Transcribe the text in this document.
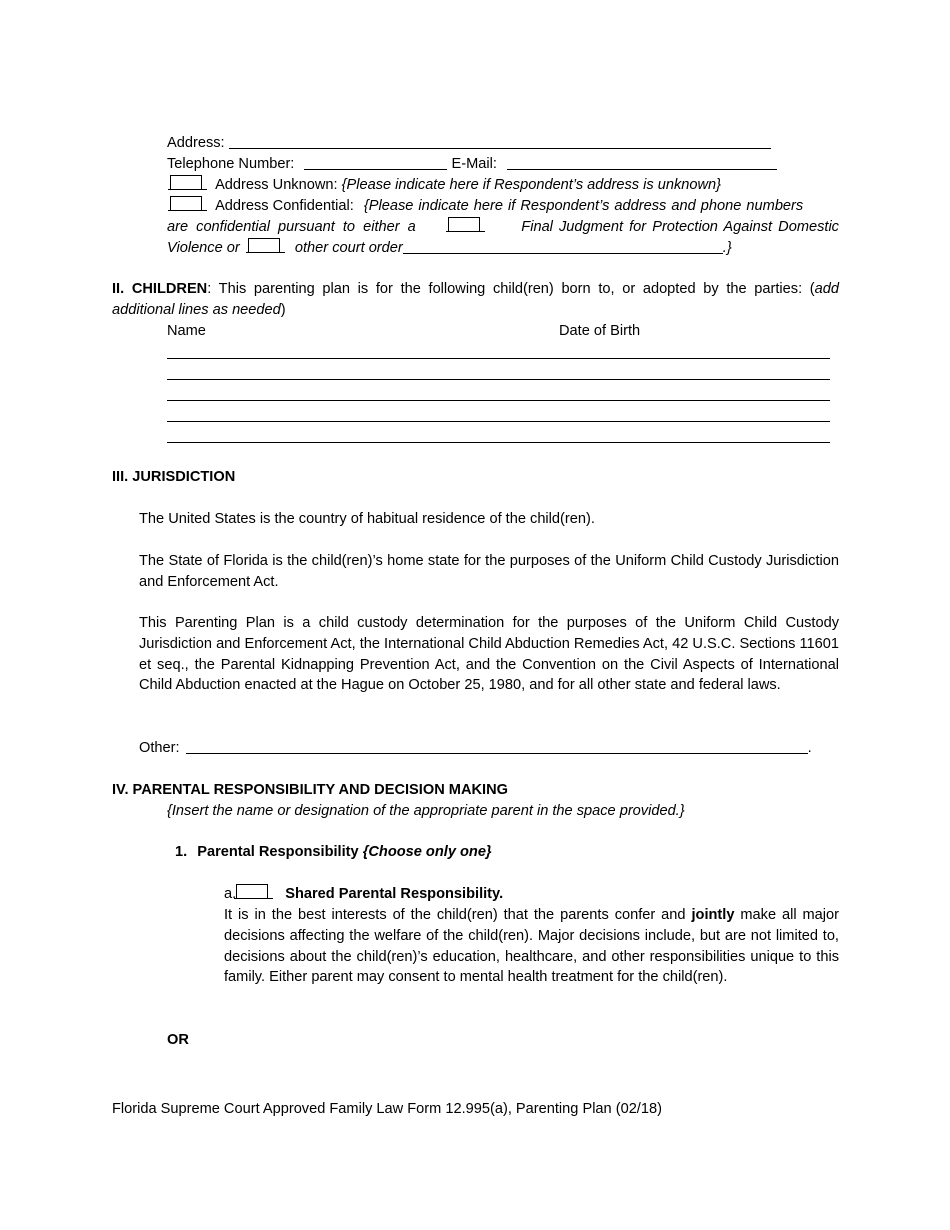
Address:
Telephone Number:	E-Mail:
Address Unknown: {Please indicate here if Respondent’s address is unknown}
Address Confidential: {Please indicate here if Respondent’s address and phone numbers
are confidential pursuant to either a	Final Judgment for Protection Against Domestic
Violence or	other court order	.}
II. CHILDREN: This parenting plan is for the following child(ren) born to, or adopted by the parties: (add additional lines as needed)
Name	Date of Birth
III. JURISDICTION
The United States is the country of habitual residence of the child(ren).
The State of Florida is the child(ren)’s home state for the purposes of the Uniform Child Custody Jurisdiction and Enforcement Act.
This Parenting Plan is a child custody determination for the purposes of the Uniform Child Custody Jurisdiction and Enforcement Act, the International Child Abduction Remedies Act, 42 U.S.C. Sections 11601 et seq., the Parental Kidnapping Prevention Act, and the Convention on the Civil Aspects of International Child Abduction enacted at the Hague on October 25, 1980, and for all other state and federal laws.
Other:	.
IV. PARENTAL RESPONSIBILITY AND DECISION MAKING
{Insert the name or designation of the appropriate parent in the space provided.}
1. Parental Responsibility {Choose only one}
a.	Shared Parental Responsibility.
It is in the best interests of the child(ren) that the parents confer and jointly make all major decisions affecting the welfare of the child(ren). Major decisions include, but are not limited to, decisions about the child(ren)’s education, healthcare, and other responsibilities unique to this family. Either parent may consent to mental health treatment for the child(ren).
OR
Florida Supreme Court Approved Family Law Form 12.995(a), Parenting Plan (02/18)
